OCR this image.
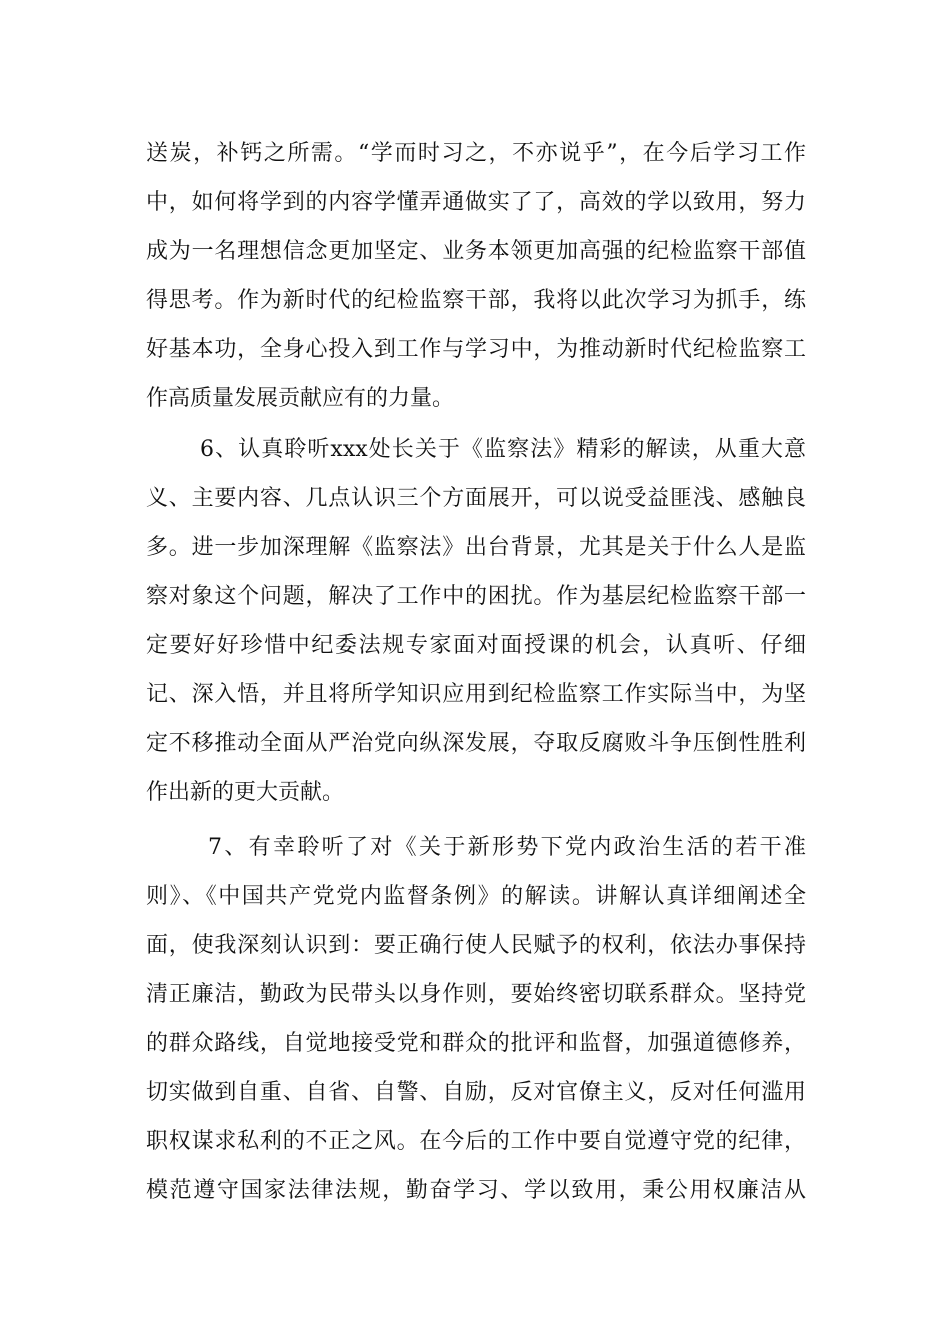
送炭，补钙之所需。“学而时习之，不亦说乎”，在今后学习工作
中，如何将学到的内容学懂弄通做实了了，高效的学以致用，努力
成为一名理想信念更加坚定、业务本领更加高强的纪检监察干部值
得思考。作为新时代的纪检监察干部，我将以此次学习为抓手，练
好基本功，全身心投入到工作与学习中，为推动新时代纪检监察工
作高质量发展贡献应有的力量。
6、认真聆听xxx处长关于《监察法》精彩的解读，从重大意
义、主要内容、几点认识三个方面展开，可以说受益匪浅、感触良
多。进一步加深理解《监察法》出台背景，尤其是关于什么人是监
察对象这个问题，解决了工作中的困扰。作为基层纪检监察干部一
定要好好珍惜中纪委法规专家面对面授课的机会，认真听、仔细
记、深入悟，并且将所学知识应用到纪检监察工作实际当中，为坚
定不移推动全面从严治党向纵深发展，夺取反腐败斗争压倒性胜利
作出新的更大贡献。
7、有幸聆听了对《关于新形势下党内政治生活的若干准
则》、《中国共产党党内监督条例》的解读。讲解认真详细阐述全
面，使我深刻认识到：要正确行使人民赋予的权利，依法办事保持
清正廉洁，勤政为民带头以身作则，要始终密切联系群众。坚持党
的群众路线，自觉地接受党和群众的批评和监督，加强道德修养，
切实做到自重、自省、自警、自励，反对官僚主义，反对任何滥用
职权谋求私利的不正之风。在今后的工作中要自觉遵守党的纪律，
模范遵守国家法律法规，勤奋学习、学以致用，秉公用权廉洁从
